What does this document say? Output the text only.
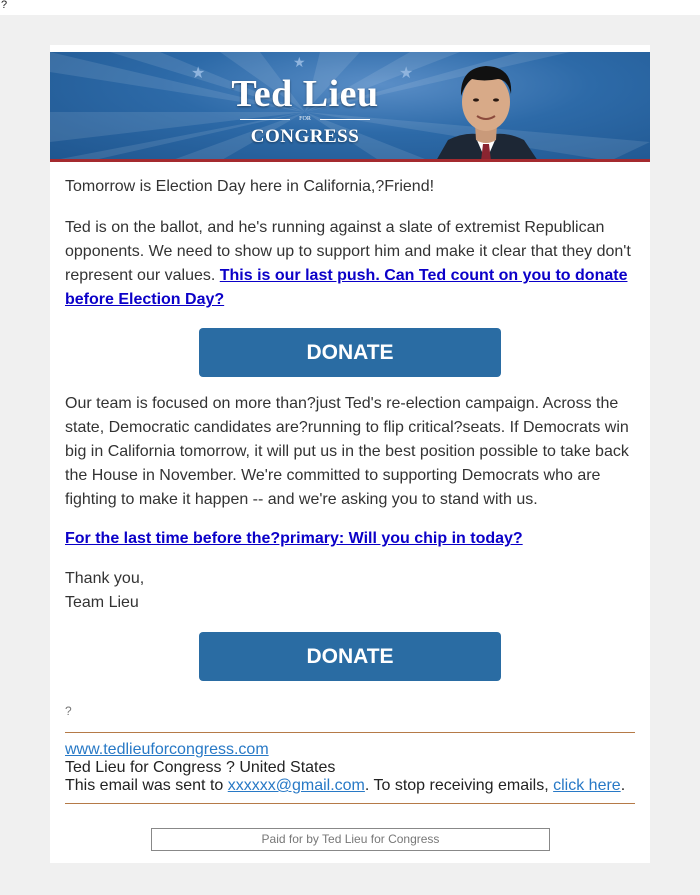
?
★
★
★
Ted Lieu
FOR
CONGRESS
Tomorrow is Election Day here in California,?Friend!
Ted is on the ballot, and he's running against a slate of extremist Republican opponents. We need to show up to support him and make it clear that they don't represent our values. This is our last push. Can Ted count on you to donate before Election Day?
DONATE
Our team is focused on more than?just Ted's re-election campaign. Across the state, Democratic candidates are?running to flip critical?seats. If Democrats win big in California tomorrow, it will put us in the best position possible to take back the House in November. We're committed to supporting Democrats who are fighting to make it happen -- and we're asking you to stand with us.
For the last time before the?primary: Will you chip in today?
Thank you,
Team Lieu
DONATE
?
www.tedlieuforcongress.com
Ted Lieu for Congress ? United States
This email was sent to xxxxxx@gmail.com. To stop receiving emails, click here.
Paid for by Ted Lieu for Congress
